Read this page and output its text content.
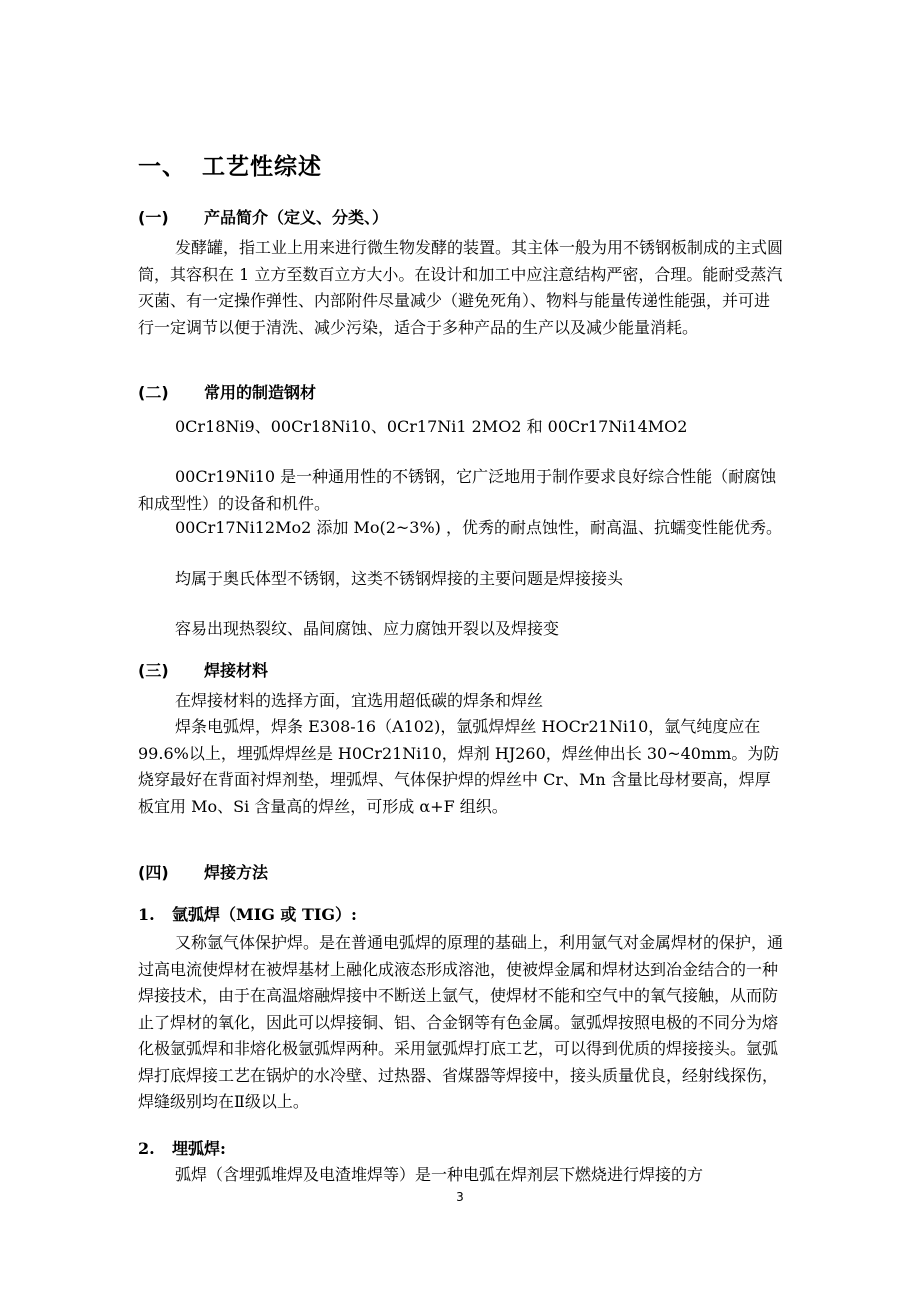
一、 工艺性综述
(一) 产品简介（定义、分类、）
发酵罐，指工业上用来进行微生物发酵的装置。其主体一般为用不锈钢板制成的主式圆筒，其容积在 1 立方至数百立方大小。在设计和加工中应注意结构严密，合理。能耐受蒸汽灭菌、有一定操作弹性、内部附件尽量减少（避免死角）、物料与能量传递性能强，并可进行一定调节以便于清洗、减少污染，适合于多种产品的生产以及减少能量消耗。
(二) 常用的制造钢材
0Cr18Ni9、00Cr18Ni10、0Cr17Ni1 2MO2 和 00Cr17Ni14MO2
00Cr19Ni10 是一种通用性的不锈钢，它广泛地用于制作要求良好综合性能（耐腐蚀和成型性）的设备和机件。
00Cr17Ni12Mo2 添加 Mo(2~3%) ，优秀的耐点蚀性，耐高温、抗蠕变性能优秀。
均属于奥氏体型不锈钢，这类不锈钢焊接的主要问题是焊接接头
容易出现热裂纹、晶间腐蚀、应力腐蚀开裂以及焊接变
(三) 焊接材料
在焊接材料的选择方面，宜选用超低碳的焊条和焊丝
焊条电弧焊，焊条 E308-16（A102)，氩弧焊焊丝 HOCr21Ni10，氩气纯度应在 99.6%以上，埋弧焊焊丝是 H0Cr21Ni10，焊剂 HJ260，焊丝伸出长 30~40mm。为防烧穿最好在背面衬焊剂垫，埋弧焊、气体保护焊的焊丝中 Cr、Mn 含量比母材要高，焊厚板宜用 Mo、Si 含量高的焊丝，可形成 α+F 组织。
(四) 焊接方法
1. 氩弧焊（MIG 或 TIG）:
又称氩气体保护焊。是在普通电弧焊的原理的基础上，利用氩气对金属焊材的保护，通过高电流使焊材在被焊基材上融化成液态形成溶池，使被焊金属和焊材达到冶金结合的一种焊接技术，由于在高温熔融焊接中不断送上氩气，使焊材不能和空气中的氧气接触，从而防止了焊材的氧化，因此可以焊接铜、铝、合金钢等有色金属。氩弧焊按照电极的不同分为熔化极氩弧焊和非熔化极氩弧焊两种。采用氩弧焊打底工艺，可以得到优质的焊接接头。氩弧焊打底焊接工艺在锅炉的水冷壁、过热器、省煤器等焊接中，接头质量优良，经射线探伤，焊缝级别均在Ⅱ级以上。
2. 埋弧焊:
弧焊（含埋弧堆焊及电渣堆焊等）是一种电弧在焊剂层下燃烧进行焊接的方
3
